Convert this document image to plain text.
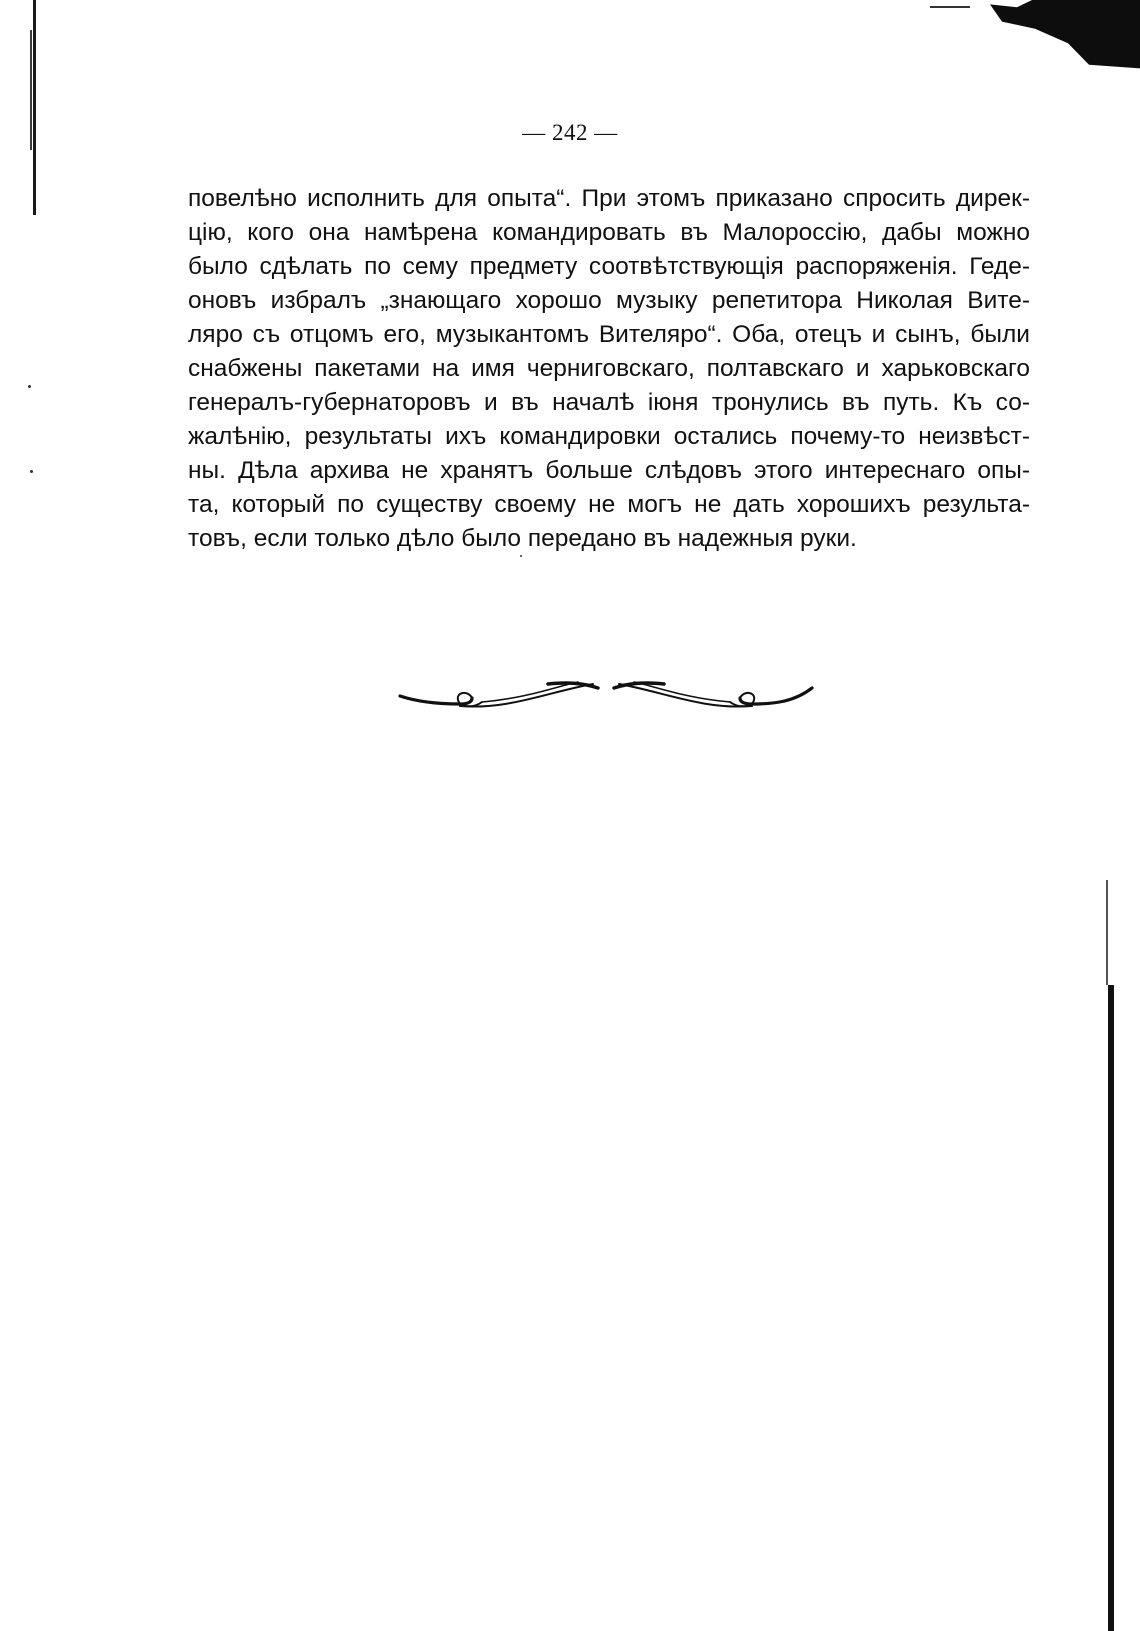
— 242 —
повелѣно исполнить для опыта“. При этомъ приказано спросить дирек-
цію, кого она намѣрена командировать въ Малороссію, дабы можно
было сдѣлать по сему предмету соотвѣтствующія распоряженія. Геде-
оновъ избралъ „знающаго хорошо музыку репетитора Николая Вите-
ляро съ отцомъ его, музыкантомъ Вителяро“. Оба, отецъ и сынъ, были
снабжены пакетами на имя черниговскаго, полтавскаго и харьковскаго
генералъ-губернаторовъ и въ началѣ іюня тронулись въ путь. Къ со-
жалѣнію, результаты ихъ командировки остались почему-то неизвѣст-
ны. Дѣла архива не хранятъ больше слѣдовъ этого интереснаго опы-
та, который по существу своему не могъ не дать хорошихъ результа-
товъ, если только дѣло было передано въ надежныя руки.
